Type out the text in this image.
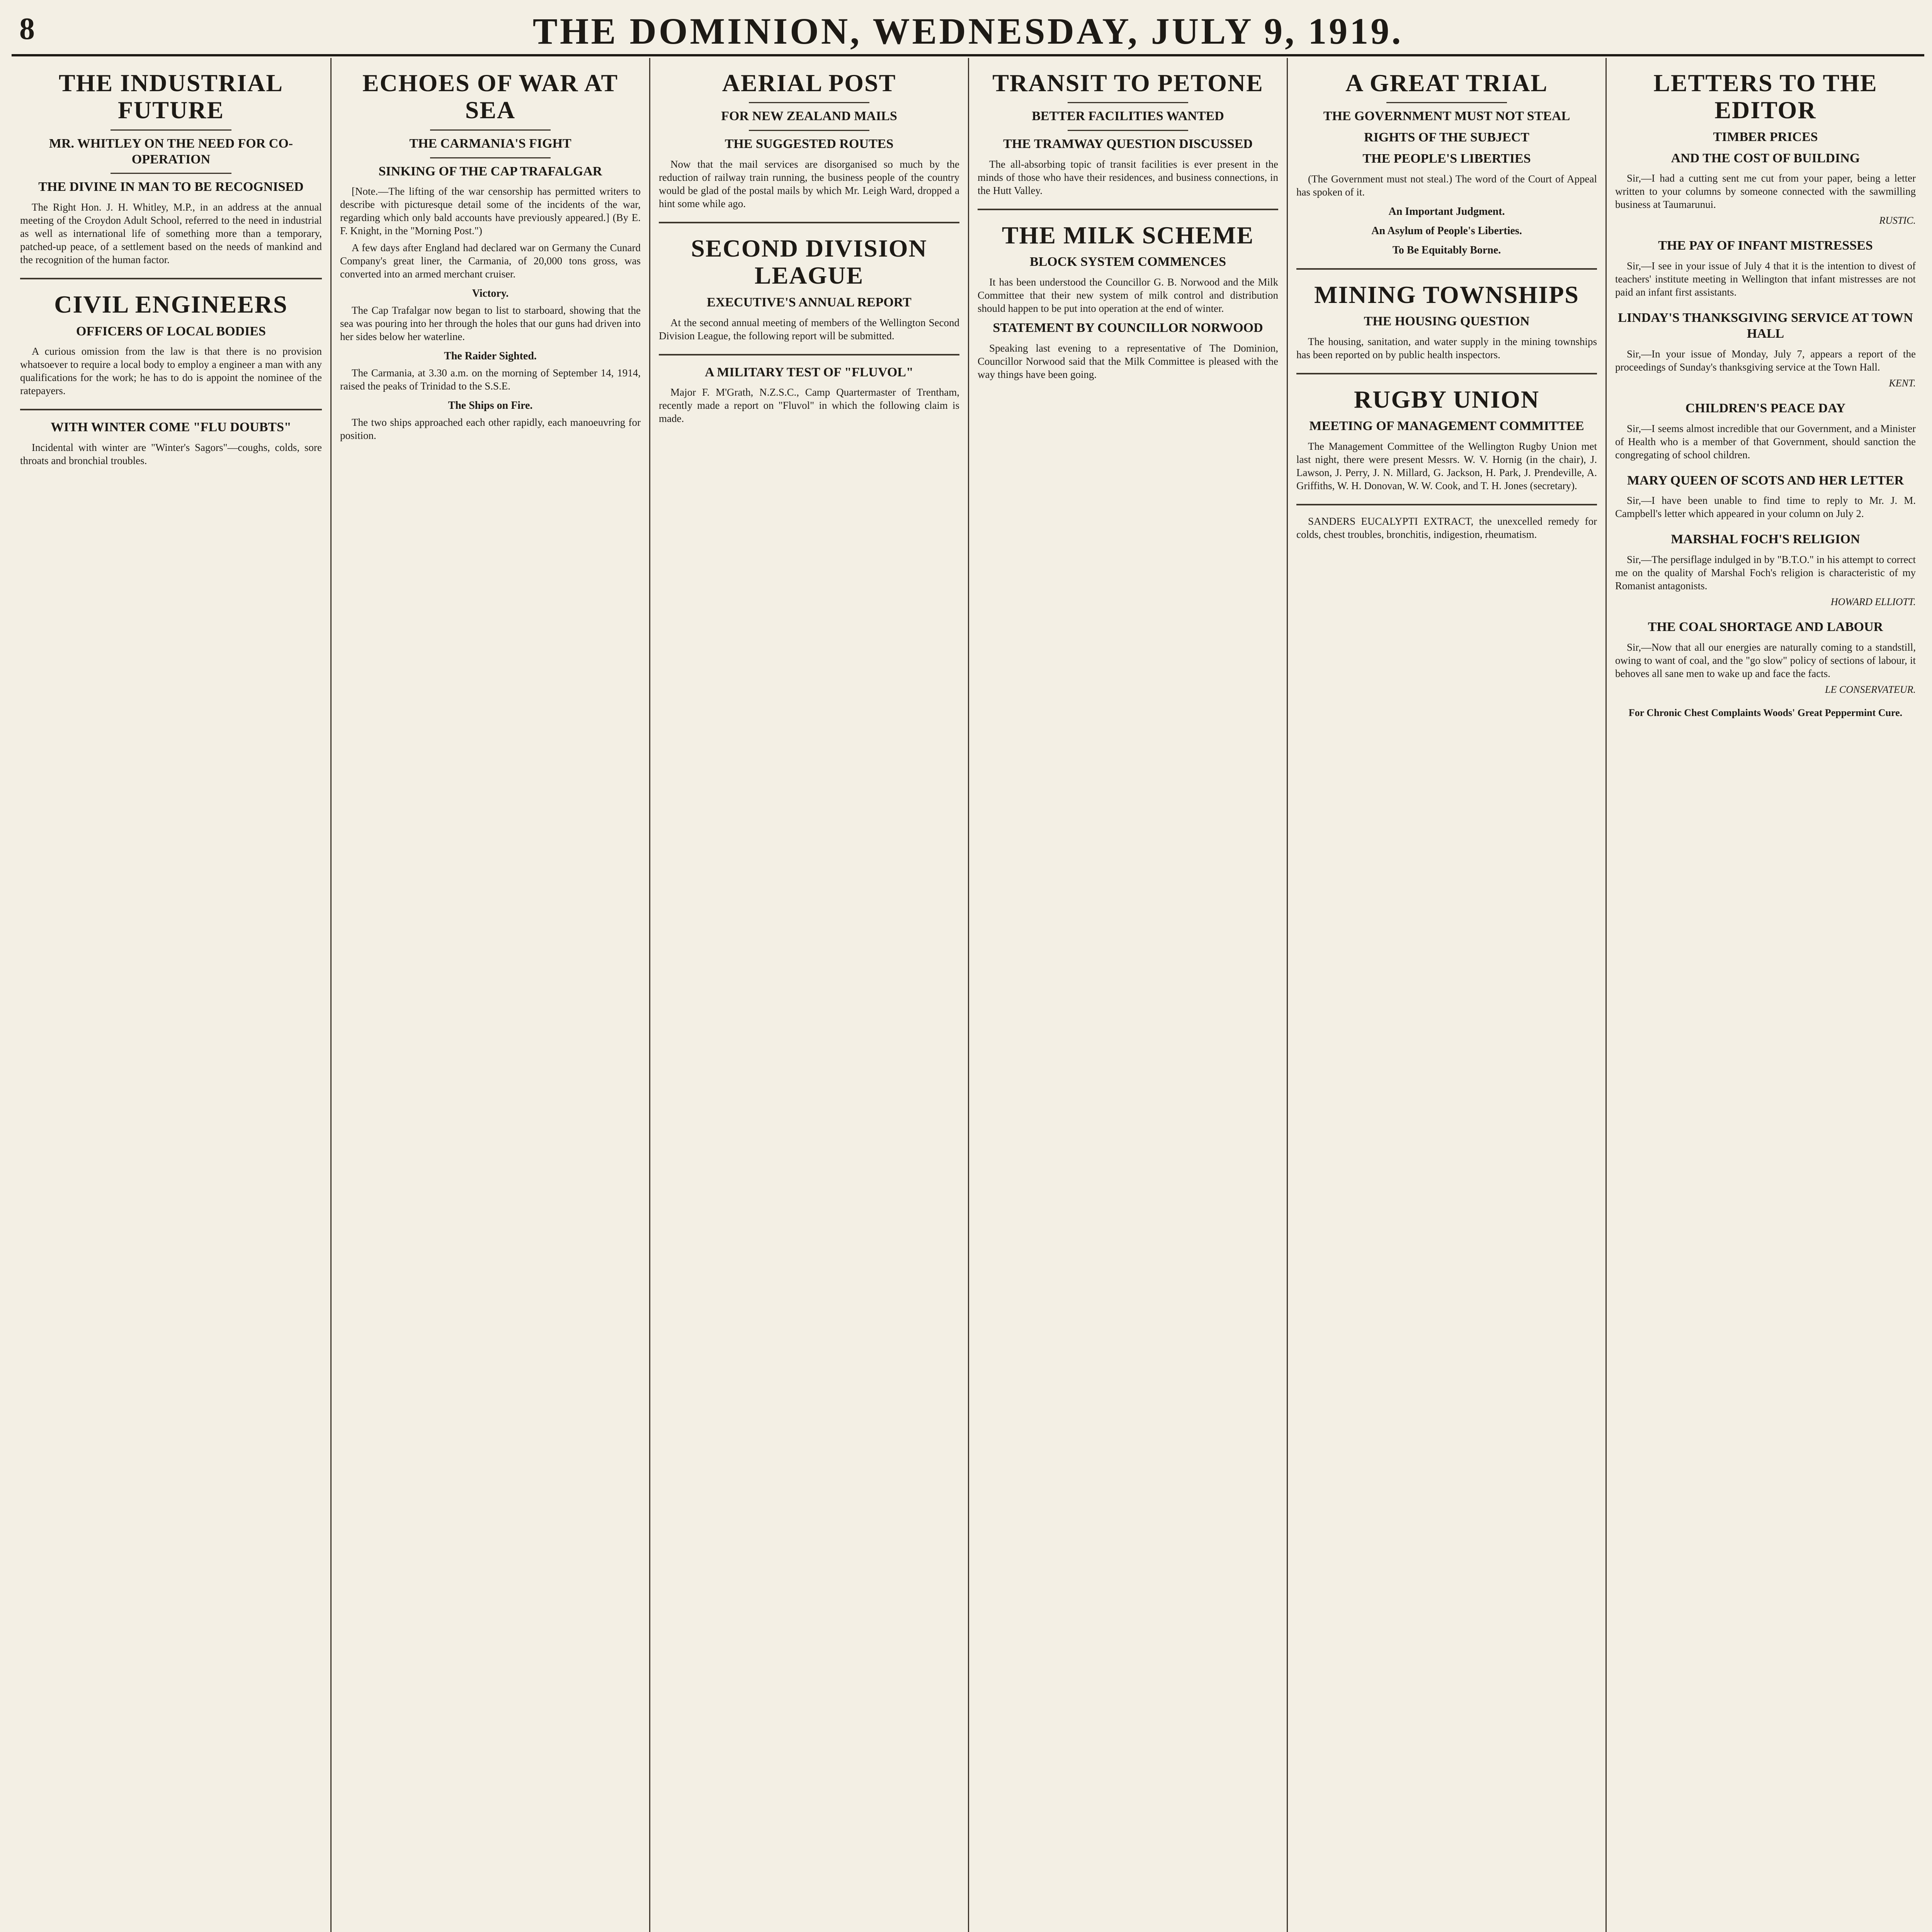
8	THE DOMINION, WEDNESDAY, JULY 9, 1919.
THE INDUSTRIAL FUTURE
MR. WHITLEY ON THE NEED FOR CO-OPERATION
THE DIVINE IN MAN TO BE RECOGNISED

The Right Hon. J. H. Whitley, M.P., in an address at the annual meeting of the Croydon Adult School, referred to the need in industrial as well as international life of something more than a temporary, patched-up peace, of a settlement based on the needs of mankind and the recognition of the human factor.

CIVIL ENGINEERS
OFFICERS OF LOCAL BODIES

A curious omission from the law is that there is no provision whatsoever to require a local body to employ a engineer a man with any qualifications for the work; he has to do is appoint the nominee of the ratepayers.

WITH WINTER COME "FLU DOUBTS"

Incidental with winter are "Winter's Sagors"—coughs, colds, sore throats and bronchial troubles.

ECHOES OF WAR AT SEA
THE CARMANIA'S FIGHT
SINKING OF THE CAP TRAFALGAR

[Note.—The lifting of the war censorship has permitted writers to describe with picturesque detail some of the incidents of the war, regarding which only bald accounts have previously appeared.] (By E. F. Knight, in the "Morning Post.")

A few days after England had declared war on Germany the Cunard Company's great liner, the Carmania, of 20,000 tons gross, was converted into an armed merchant cruiser.

Victory.

The Cap Trafalgar now began to list to starboard, showing that the sea was pouring into her through the holes that our guns had driven into her sides below her waterline.

The Raider Sighted.

The Carmania, at 3.30 a.m. on the morning of September 14, 1914, raised the peaks of Trinidad to the S.S.E.

The Ships on Fire.

The two ships approached each other rapidly, each manoeuvring for position.

AERIAL POST
FOR NEW ZEALAND MAILS
THE SUGGESTED ROUTES

Now that the mail services are disorganised so much by the reduction of railway train running, the business people of the country would be glad of the postal mails by which Mr. Leigh Ward, dropped a hint some while ago.

SECOND DIVISION LEAGUE
EXECUTIVE'S ANNUAL REPORT

At the second annual meeting of members of the Wellington Second Division League, the following report will be submitted.

A MILITARY TEST OF "FLUVOL"

Major F. M'Grath, N.Z.S.C., Camp Quartermaster of Trentham, recently made a report on "Fluvol" in which the following claim is made.

TRANSIT TO PETONE
BETTER FACILITIES WANTED
THE TRAMWAY QUESTION DISCUSSED

The all-absorbing topic of transit facilities is ever present in the minds of those who have their residences, and business connections, in the Hutt Valley.

THE MILK SCHEME
BLOCK SYSTEM COMMENCES

It has been understood the Councillor G. B. Norwood and the Milk Committee that their new system of milk control and distribution should happen to be put into operation at the end of winter.

STATEMENT BY COUNCILLOR NORWOOD

Speaking last evening to a representative of The Dominion, Councillor Norwood said that the Milk Committee is pleased with the way things have been going.

A GREAT TRIAL
THE GOVERNMENT MUST NOT STEAL
RIGHTS OF THE SUBJECT
THE PEOPLE'S LIBERTIES

(The Government must not steal.) The word of the Court of Appeal has spoken of it.

An Important Judgment.
An Asylum of People's Liberties.
To Be Equitably Borne.
MINING TOWNSHIPS
THE HOUSING QUESTION

The housing, sanitation, and water supply in the mining townships has been reported on by public health inspectors.

RUGBY UNION
MEETING OF MANAGEMENT COMMITTEE

The Management Committee of the Wellington Rugby Union met last night, there were present Messrs. W. V. Hornig (in the chair), J. Lawson, J. Perry, J. N. Millard, G. Jackson, H. Park, J. Prendeville, A. Griffiths, W. H. Donovan, W. W. Cook, and T. H. Jones (secretary).

SANDERS EUCALYPTI EXTRACT, the unexcelled remedy for colds, chest troubles, bronchitis, indigestion, rheumatism.

LETTERS TO THE EDITOR
TIMBER PRICES
AND THE COST OF BUILDING

Sir,—I had a cutting sent me cut from your paper, being a letter written to your columns by someone connected with the sawmilling business at Taumarunui.

RUSTIC.
THE PAY OF INFANT MISTRESSES

Sir,—I see in your issue of July 4 that it is the intention to divest of teachers' institute meeting in Wellington that infant mistresses are not paid an infant first assistants.

LINDAY'S THANKSGIVING SERVICE AT TOWN HALL

Sir,—In your issue of Monday, July 7, appears a report of the proceedings of Sunday's thanksgiving service at the Town Hall.

KENT.
CHILDREN'S PEACE DAY

Sir,—I seems almost incredible that our Government, and a Minister of Health who is a member of that Government, should sanction the congregating of school children.

MARY QUEEN OF SCOTS AND HER LETTER

Sir,—I have been unable to find time to reply to Mr. J. M. Campbell's letter which appeared in your column on July 2.

MARSHAL FOCH'S RELIGION

Sir,—The persiflage indulged in by "B.T.O." in his attempt to correct me on the quality of Marshal Foch's religion is characteristic of my Romanist antagonists.

HOWARD ELLIOTT.
THE COAL SHORTAGE AND LABOUR

Sir,—Now that all our energies are naturally coming to a standstill, owing to want of coal, and the "go slow" policy of sections of labour, it behoves all sane men to wake up and face the facts.

LE CONSERVATEUR.
For Chronic Chest Complaints Woods' Great Peppermint Cure.
